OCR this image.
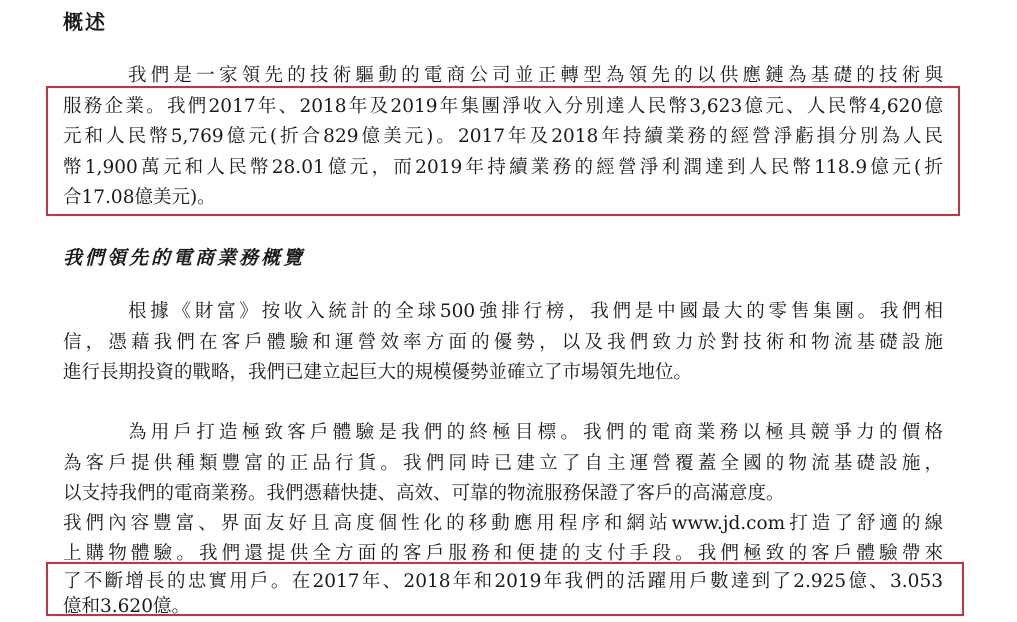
概述
我們是一家領先的技術驅動的電商公司並正轉型為領先的以供應鏈為基礎的技術與
服務企業。我們2017年、2018年及2019年集團淨收入分別達人民幣3,623億元、人民幣4,620億
元和人民幣5,769億元(折合829億美元)。2017年及2018年持續業務的經營淨虧損分別為人民
幣1,900萬元和人民幣28.01億元，而2019年持續業務的經營淨利潤達到人民幣118.9億元(折
合17.08億美元)。
我們領先的電商業務概覽
根據《財富》按收入統計的全球500強排行榜，我們是中國最大的零售集團。我們相
信，憑藉我們在客戶體驗和運營效率方面的優勢，以及我們致力於對技術和物流基礎設施
進行長期投資的戰略，我們已建立起巨大的規模優勢並確立了市場領先地位。
為用戶打造極致客戶體驗是我們的終極目標。我們的電商業務以極具競爭力的價格
為客戶提供種類豐富的正品行貨。我們同時已建立了自主運營覆蓋全國的物流基礎設施，
以支持我們的電商業務。我們憑藉快捷、高效、可靠的物流服務保證了客戶的高滿意度。
我們內容豐富、界面友好且高度個性化的移動應用程序和網站www.jd.com打造了舒適的線
上購物體驗。我們還提供全方面的客戶服務和便捷的支付手段。我們極致的客戶體驗帶來
了不斷增長的忠實用戶。在2017年、2018年和2019年我們的活躍用戶數達到了2.925億、3.053
億和3.620億。
